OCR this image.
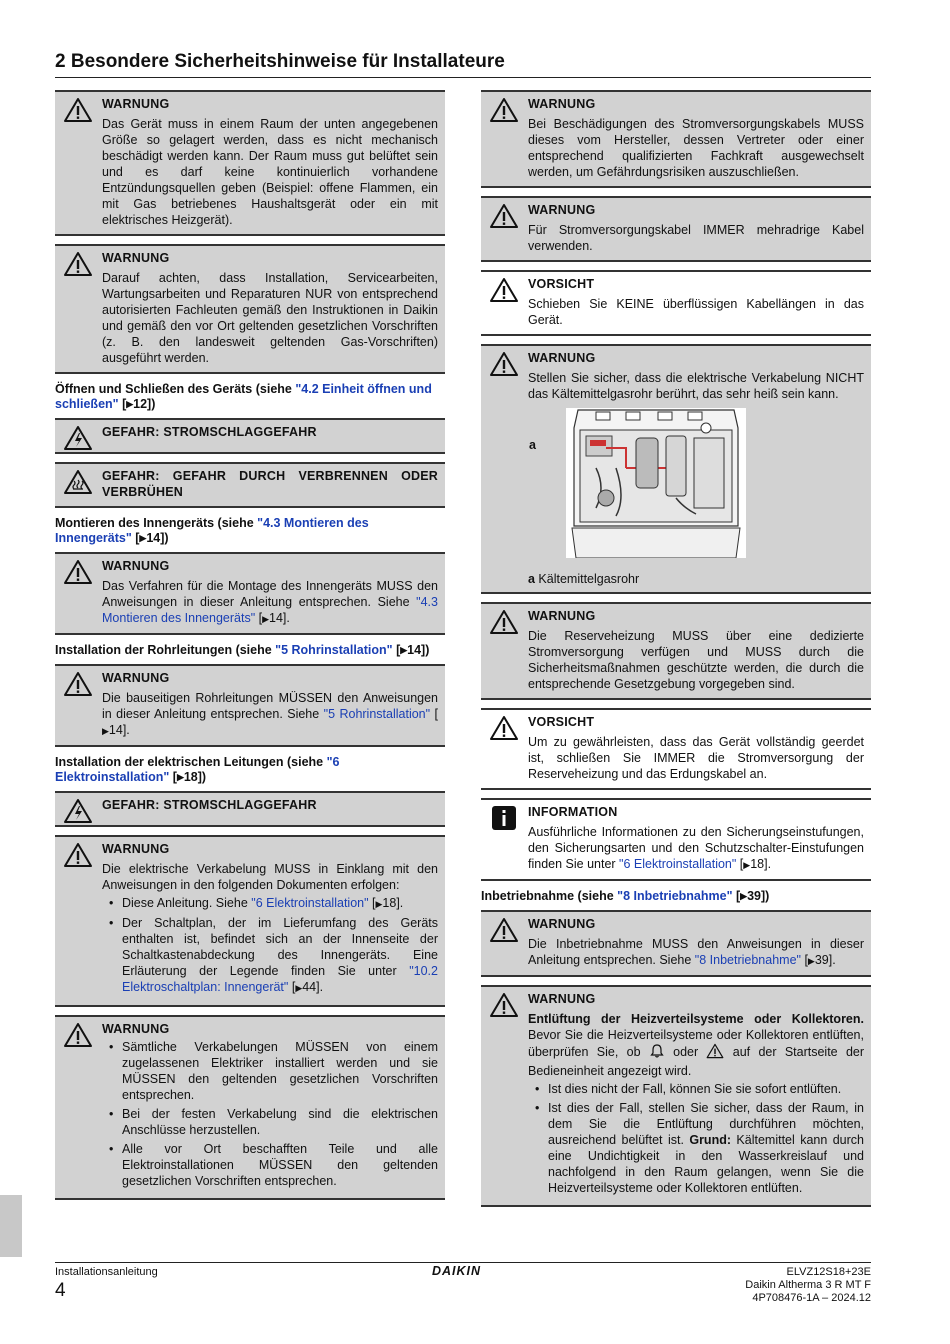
2 Besondere Sicherheitshinweise für Installateure
WARNUNG
Das Gerät muss in einem Raum der unten angegebenen Größe so gelagert werden, dass es nicht mechanisch beschädigt werden kann. Der Raum muss gut belüftet sein und es darf keine kontinuierlich vorhandene Entzündungsquellen geben (Beispiel: offene Flammen, ein mit Gas betriebenes Haushaltsgerät oder ein mit elektrisches Heizgerät).
WARNUNG
Darauf achten, dass Installation, Servicearbeiten, Wartungsarbeiten und Reparaturen NUR von entsprechend autorisierten Fachleuten gemäß den Instruktionen in Daikin und gemäß den vor Ort geltenden gesetzlichen Vorschriften (z. B. den landesweit geltenden Gas-Vorschriften) ausgeführt werden.
Öffnen und Schließen des Geräts (siehe "4.2 Einheit öffnen und schließen" [▶12])
GEFAHR: STROMSCHLAGGEFAHR
GEFAHR: GEFAHR DURCH VERBRENNEN ODER VERBRÜHEN
Montieren des Innengeräts (siehe "4.3 Montieren des Innengeräts" [▶14])
WARNUNG
Das Verfahren für die Montage des Innengeräts MUSS den Anweisungen in dieser Anleitung entsprechen. Siehe "4.3 Montieren des Innengeräts" [▶14].
Installation der Rohrleitungen (siehe "5 Rohrinstallation" [▶14])
WARNUNG
Die bauseitigen Rohrleitungen MÜSSEN den Anweisungen in dieser Anleitung entsprechen. Siehe "5 Rohrinstallation" [▶14].
Installation der elektrischen Leitungen (siehe "6 Elektroinstallation" [▶18])
GEFAHR: STROMSCHLAGGEFAHR
WARNUNG
Die elektrische Verkabelung MUSS in Einklang mit den Anweisungen in den folgenden Dokumenten erfolgen:
• Diese Anleitung. Siehe "6 Elektroinstallation" [▶18].
• Der Schaltplan, der im Lieferumfang des Geräts enthalten ist, befindet sich an der Innenseite der Schaltkastenabdeckung des Innengeräts. Eine Erläuterung der Legende finden Sie unter "10.2 Elektroschaltplan: Innengerät" [▶44].
WARNUNG
• Sämtliche Verkabelungen MÜSSEN von einem zugelassenen Elektriker installiert werden und sie MÜSSEN den geltenden gesetzlichen Vorschriften entsprechen.
• Bei der festen Verkabelung sind die elektrischen Anschlüsse herzustellen.
• Alle vor Ort beschafften Teile und alle Elektroinstallationen MÜSSEN den geltenden gesetzlichen Vorschriften entsprechen.
WARNUNG
Bei Beschädigungen des Stromversorgungskabels MUSS dieses vom Hersteller, dessen Vertreter oder einer entsprechend qualifizierten Fachkraft ausgewechselt werden, um Gefährdungsrisiken auszuschließen.
WARNUNG
Für Stromversorgungskabel IMMER mehradrige Kabel verwenden.
VORSICHT
Schieben Sie KEINE überflüssigen Kabellängen in das Gerät.
WARNUNG
Stellen Sie sicher, dass die elektrische Verkabelung NICHT das Kältemittelgasrohr berührt, das sehr heiß sein kann.
a
a Kältemittelgasrohr
WARNUNG
Die Reserveheizung MUSS über eine dedizierte Stromversorgung verfügen und MUSS durch die Sicherheitsmaßnahmen geschützte werden, die durch die entsprechende Gesetzgebung vorgegeben sind.
VORSICHT
Um zu gewährleisten, dass das Gerät vollständig geerdet ist, schließen Sie IMMER die Stromversorgung der Reserveheizung und das Erdungskabel an.
INFORMATION
Ausführliche Informationen zu den Sicherungseinstufungen, den Sicherungsarten und den Schutzschalter-Einstufungen finden Sie unter "6 Elektroinstallation" [▶18].
Inbetriebnahme (siehe "8 Inbetriebnahme" [▶39])
WARNUNG
Die Inbetriebnahme MUSS den Anweisungen in dieser Anleitung entsprechen. Siehe "8 Inbetriebnahme" [▶39].
WARNUNG
Entlüftung der Heizverteilsysteme oder Kollektoren. Bevor Sie die Heizverteilsysteme oder Kollektoren entlüften, überprüfen Sie, ob  oder  auf der Startseite der Bedieneinheit angezeigt wird.
• Ist dies nicht der Fall, können Sie sie sofort entlüften.
• Ist dies der Fall, stellen Sie sicher, dass der Raum, in dem Sie die Entlüftung durchführen möchten, ausreichend belüftet ist. Grund: Kältemittel kann durch eine Undichtigkeit in den Wasserkreislauf und nachfolgend in den Raum gelangen, wenn Sie die Heizverteilsysteme oder Kollektoren entlüften.
Installationsanleitung
4
DAIKIN	ELVZ12S18+23E
Daikin Altherma 3 R MT F
4P708476-1A – 2024.12
